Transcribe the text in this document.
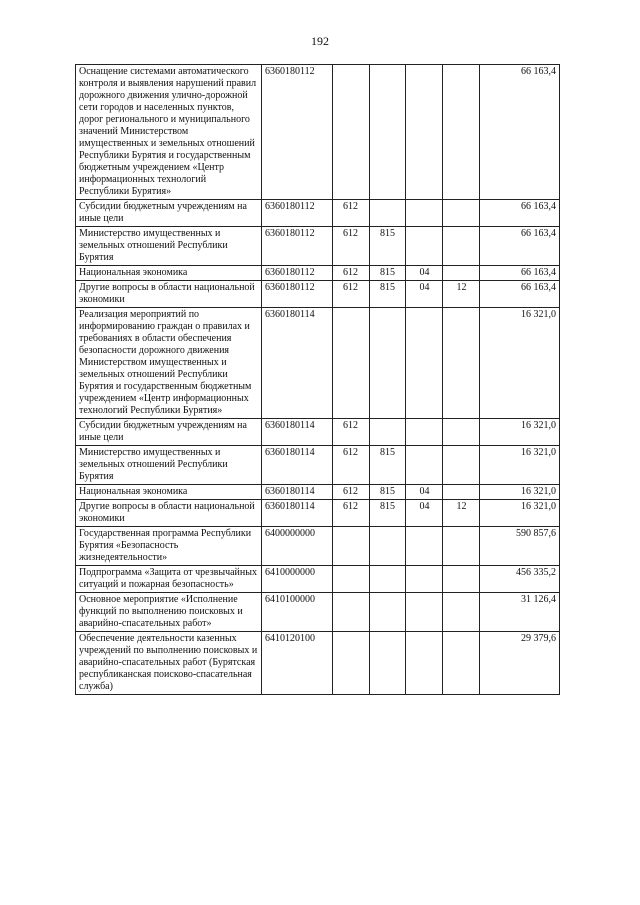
192
Оснащение системами автоматического контроля и выявления нарушений правил дорожного движения улично-дорожной сети городов и населенных пунктов, дорог регионального и муниципального значений Министерством имущественных и земельных отношений Республики Бурятия и государственным бюджетным учреждением «Центр информационных технологий Республики Бурятия»	6360180112					66 163,4
Субсидии бюджетным учреждениям на иные цели	6360180112	612				66 163,4
Министерство имущественных и земельных отношений Республики Бурятия	6360180112	612	815			66 163,4
Национальная экономика	6360180112	612	815	04		66 163,4
Другие вопросы в области национальной экономики	6360180112	612	815	04	12	66 163,4
Реализация мероприятий по информированию граждан о правилах и требованиях в области обеспечения безопасности дорожного движения Министерством имущественных и земельных отношений Республики Бурятия и государственным бюджетным учреждением «Центр информационных технологий Республики Бурятия»	6360180114					16 321,0
Субсидии бюджетным учреждениям на иные цели	6360180114	612				16 321,0
Министерство имущественных и земельных отношений Республики Бурятия	6360180114	612	815			16 321,0
Национальная экономика	6360180114	612	815	04		16 321,0
Другие вопросы в области национальной экономики	6360180114	612	815	04	12	16 321,0
Государственная программа Республики Бурятия «Безопасность жизнедеятельности»	6400000000					590 857,6
Подпрограмма «Защита от чрезвычайных ситуаций и пожарная безопасность»	6410000000					456 335,2
Основное мероприятие «Исполнение функций по выполнению поисковых и аварийно-спасательных работ»	6410100000					31 126,4
Обеспечение деятельности казенных учреждений по выполнению поисковых и аварийно-спасательных работ (Бурятская республиканская поисково-спасательная служба)	6410120100					29 379,6
